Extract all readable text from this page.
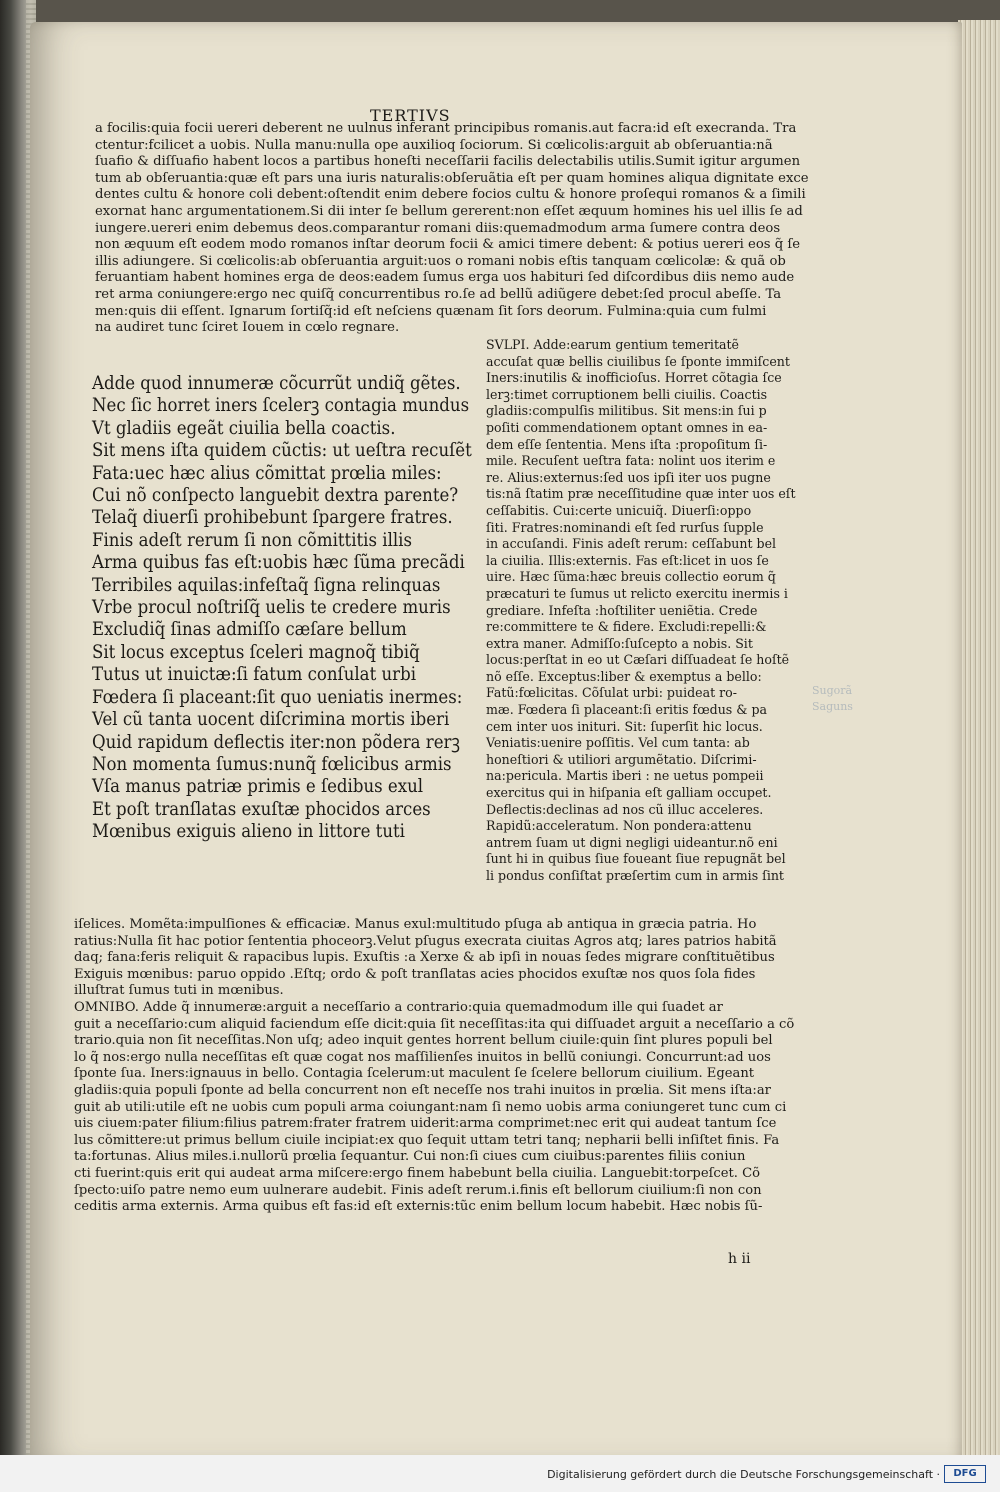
TERTIVS
a focilis:quia focii uereri deberent ne uulnus inferant principibus romanis.aut facra:id eſt execranda. Tra
ctentur:fcilicet a uobis. Nulla manu:nulla ope auxilioq ſociorum. Si cœlicolis:arguit ab obſeruantia:nã
ſuafio & diſſuafio habent locos a partibus honeſti neceſſarii facilis delectabilis utilis.Sumit igitur argumen
tum ab obſeruantia:quæ eſt pars una iuris naturalis:obſeruãtia eſt per quam homines aliqua dignitate exce
dentes cultu & honore coli debent:oſtendit enim debere focios cultu & honore proſequi romanos & a ſimili
exornat hanc argumentationem.Si dii inter ſe bellum gererent:non eſſet æquum homines his uel illis ſe ad
iungere.uereri enim debemus deos.comparantur romani diis:quemadmodum arma ſumere contra deos
non æquum eſt eodem modo romanos inſtar deorum focii & amici timere debent: & potius uereri eos q̃ ſe
illis adiungere. Si cœlicolis:ab obſeruantia arguit:uos o romani nobis eſtis tanquam cœlicolæ: & quã ob
feruantiam habent homines erga de deos:eadem ſumus erga uos habituri ſed diſcordibus diis nemo aude
ret arma coniungere:ergo nec quiſq̃ concurrentibus ro.ſe ad bellũ adiũgere debet:ſed procul abeſſe. Ta
men:quis dii eſſent. Ignarum ſortiſq̃:id eſt neſciens quænam ſit ſors deorum. Fulmina:quia cum fulmi
na audiret tunc ſciret Iouem in cœlo regnare.
Adde quod innumeræ cõcurrũt undiq̃ gẽtes.
Nec ſic horret iners ſcelerꝫ contagia mundus
Vt gladiis egeãt ciuilia bella coactis.
Sit mens iſta quidem cũctis: ut ueſtra recuſẽt
Fata:uec hæc alius cõmittat prœlia miles:
Cui nõ conſpecto languebit dextra parente?
Telaq̃ diuerſi prohibebunt ſpargere fratres.
Finis adeſt rerum ſi non cõmittitis illis
Arma quibus fas eſt:uobis hæc ſũma precãdi
Terribiles aquilas:infeſtaq̃ ſigna relinquas
Vrbe procul noſtriſq̃ uelis te credere muris
Excludiq̃ ſinas admiſſo cæſare bellum
Sit locus exceptus ſceleri magnoq̃ tibiq̃
Tutus ut inuictæ:ſi fatum conſulat urbi
Fœdera ſi placeant:ſit quo ueniatis inermes:
Vel cũ tanta uocent diſcrimina mortis iberi
Quid rapidum deflectis iter:non põdera rerꝫ
Non momenta ſumus:nunq̃ fœlicibus armis
Vſa manus patriæ primis e ſedibus exul
Et poſt tranſlatas exuſtæ phocidos arces
Mœnibus exiguis alieno in littore tuti
SVLPI. Adde:earum gentium temeritatẽ
accuſat quæ bellis ciuilibus ſe ſponte immiſcent
Iners:inutilis & inofficioſus. Horret cõtagia ſce
lerꝫ:timet corruptionem belli ciuilis. Coactis
gladiis:compulſis militibus. Sit mens:in ſui p
poſiti commendationem optant omnes in ea-
dem eſſe ſententia. Mens iſta :propoſitum ſi-
mile. Recuſent ueſtra fata: nolint uos iterim e
re. Alius:externus:ſed uos ipſi iter uos pugne
tis:nã ſtatim præ neceſſitudine quæ inter uos eſt
ceſſabitis. Cui:certe unicuiq̃. Diuerſi:oppo
ſiti. Fratres:nominandi eſt ſed rurſus ſupple
in accuſandi. Finis adeſt rerum: ceſſabunt bel
la ciuilia. Illis:externis. Fas eſt:licet in uos ſe
uire. Hæc ſũma:hæc breuis collectio eorum q̃
præcaturi te ſumus ut relicto exercitu inermis i
grediare. Infeſta :hoſtiliter ueniẽtia. Crede
re:committere te & fidere. Excludi:repelli:&
extra maner. Admiſſo:ſuſcepto a nobis. Sit
locus:perſtat in eo ut Cæſari diſſuadeat ſe hoſtẽ
nõ eſſe. Exceptus:liber & exemptus a bello:
Fatũ:fœlicitas. Cõſulat urbi: puideat ro-
mæ. Fœdera ſi placeant:ſi eritis fœdus & pa
cem inter uos inituri. Sit: ſuperſit hic locus.
Veniatis:uenire poſſitis. Vel cum tanta: ab
honeſtiori & utiliori argumẽtatio. Diſcrimi-
na:pericula. Martis iberi : ne uetus pompeii
exercitus qui in hiſpania eſt galliam occupet.
Deflectis:declinas ad nos cũ illuc acceleres.
Rapidũ:acceleratum. Non pondera:attenu
antrem ſuam ut digni negligi uideantur.nõ eni
ſunt hi in quibus ſiue foueant ſiue repugnãt bel
li pondus conſiſtat præſertim cum in armis ſint
iſelices. Momẽta:impulſiones & efficaciæ. Manus exul:multitudo pſuga ab antiqua in græcia patria. Ho
ratius:Nulla ſit hac potior ſententia phoceorꝫ.Velut pſugus execrata ciuitas Agros atq; lares patrios habitã
daq; fana:feris reliquit & rapacibus lupis. Exuſtis :a Xerxe & ab ipſi in nouas ſedes migrare conſtituẽtibus
Exiguis mœnibus: paruo oppido .Eſtq; ordo & poſt tranſlatas acies phocidos exuſtæ nos quos ſola fides
illuſtrat ſumus tuti in mœnibus.
OMNIBO. Adde q̃ innumeræ:arguit a neceſſario a contrario:quia quemadmodum ille qui ſuadet ar
guit a neceſſario:cum aliquid faciendum eſſe dicit:quia ſit neceſſitas:ita qui diſſuadet arguit a neceſſario a cõ
trario.quia non ſit neceſſitas.Non uſq; adeo inquit gentes horrent bellum ciuile:quin ſint plures populi bel
lo q̃ nos:ergo nulla neceſſitas eſt quæ cogat nos maſſilienſes inuitos in bellũ coniungi. Concurrunt:ad uos
ſponte ſua. Iners:ignauus in bello. Contagia ſcelerum:ut maculent ſe ſcelere bellorum ciuilium. Egeant
gladiis:quia populi ſponte ad bella concurrent non eſt neceſſe nos trahi inuitos in prœlia. Sit mens iſta:ar
guit ab utili:utile eſt ne uobis cum populi arma coiungant:nam ſi nemo uobis arma coniungeret tunc cum ci
uis ciuem:pater filium:filius patrem:frater fratrem uiderit:arma comprimet:nec erit qui audeat tantum ſce
lus cõmittere:ut primus bellum ciuile incipiat:ex quo ſequit uttam tetri tanq; nepharii belli inſiſtet finis. Fa
ta:fortunas. Alius miles.i.nullorũ prœlia ſequantur. Cui non:ſi ciues cum ciuibus:parentes filiis coniun
cti fuerint:quis erit qui audeat arma miſcere:ergo finem habebunt bella ciuilia. Languebit:torpeſcet. Cõ
ſpecto:uiſo patre nemo eum uulnerare audebit. Finis adeſt rerum.i.finis eſt bellorum ciuilium:ſi non con
ceditis arma externis. Arma quibus eſt fas:id eſt externis:tũc enim bellum locum habebit. Hæc nobis ſũ-
h ii
Sugorã
Saguns
Digitalisierung gefördert durch die Deutsche Forschungsgemeinschaft ·	DFG
